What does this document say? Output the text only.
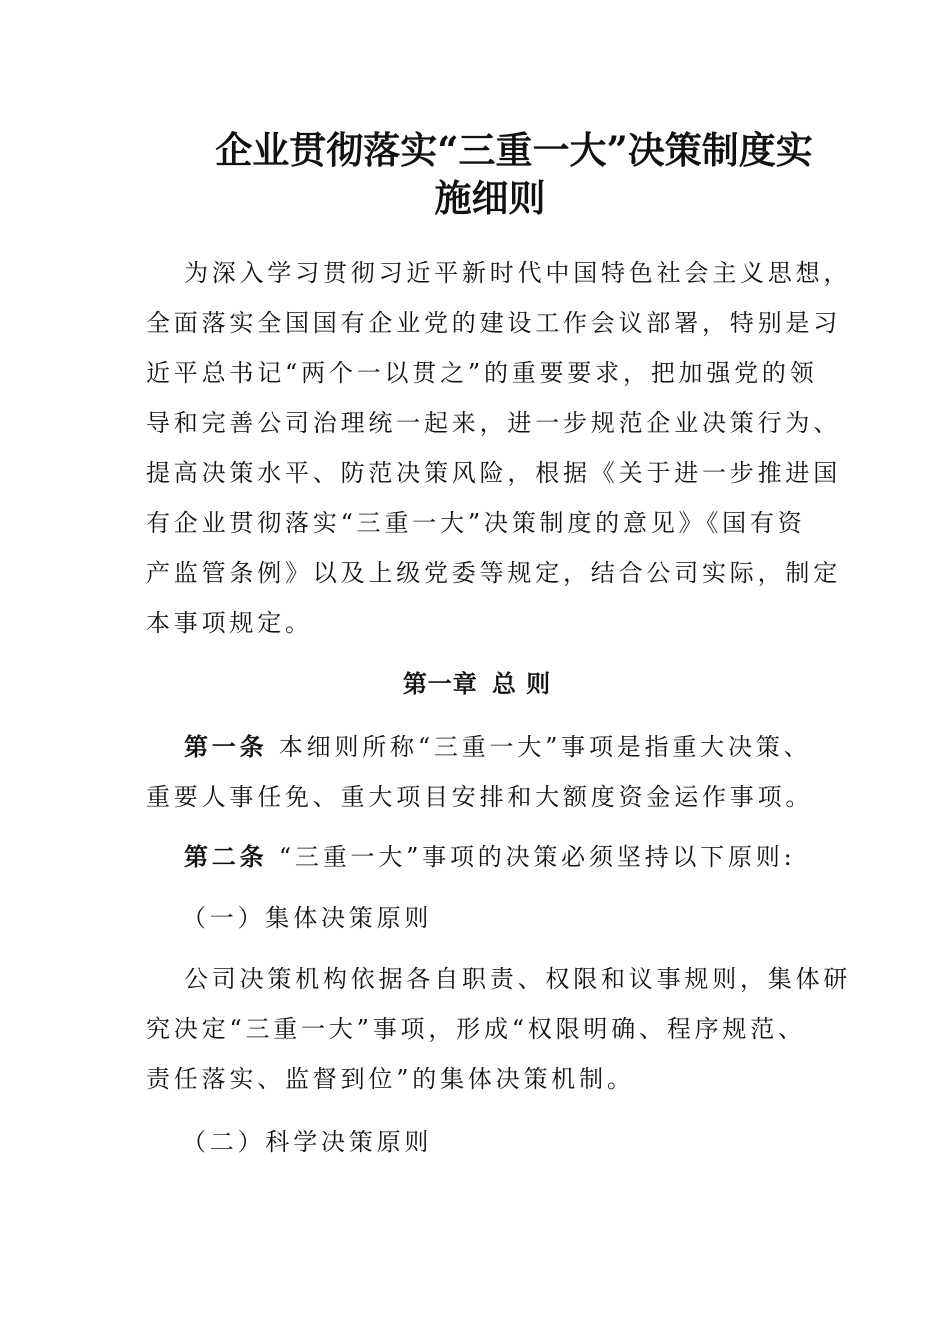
企业贯彻落实“三重一大”决策制度实
施细则
为深入学习贯彻习近平新时代中国特色社会主义思想，
全面落实全国国有企业党的建设工作会议部署，特别是习
近平总书记“两个一以贯之”的重要要求，把加强党的领
导和完善公司治理统一起来，进一步规范企业决策行为、
提高决策水平、防范决策风险，根据《关于进一步推进国
有企业贯彻落实“三重一大”决策制度的意见》《国有资
产监管条例》以及上级党委等规定，结合公司实际，制定
本事项规定。
第一章 总 则
第一条 本细则所称“三重一大”事项是指重大决策、
重要人事任免、重大项目安排和大额度资金运作事项。
第二条 “三重一大”事项的决策必须坚持以下原则:
（一）集体决策原则
公司决策机构依据各自职责、权限和议事规则，集体研
究决定“三重一大”事项，形成“权限明确、程序规范、
责任落实、监督到位”的集体决策机制。
（二）科学决策原则
